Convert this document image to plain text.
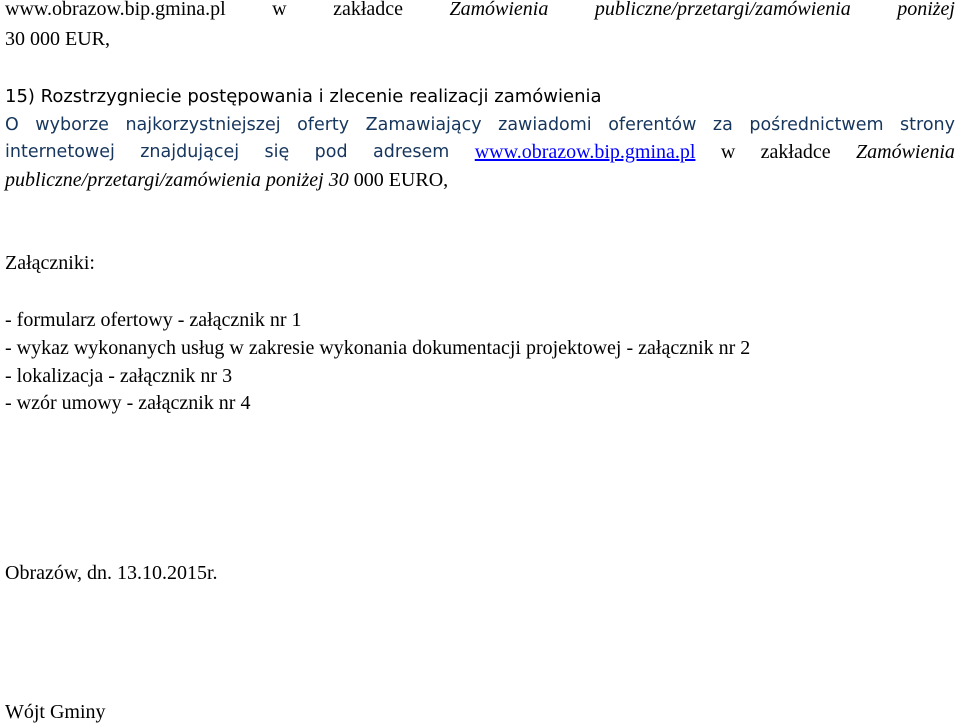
www.obrazow.bip.gmina.pl w zakładce Zamówienia publiczne/przetargi/zamówienia poniżej
30 000 EUR,
15) Rozstrzygniecie postępowania i zlecenie realizacji zamówienia
O wyborze najkorzystniejszej oferty Zamawiający zawiadomi oferentów za pośrednictwem strony
internetowej znajdującej się pod adresem www.obrazow.bip.gmina.pl w zakładce Zamówienia
publiczne/przetargi/zamówienia poniżej 30 000 EURO,
Załączniki:
- formularz ofertowy - załącznik nr 1
- wykaz wykonanych usług w zakresie wykonania dokumentacji projektowej - załącznik nr 2
- lokalizacja - załącznik nr 3
- wzór umowy - załącznik nr 4
Obrazów, dn. 13.10.2015r.
Wójt Gminy
